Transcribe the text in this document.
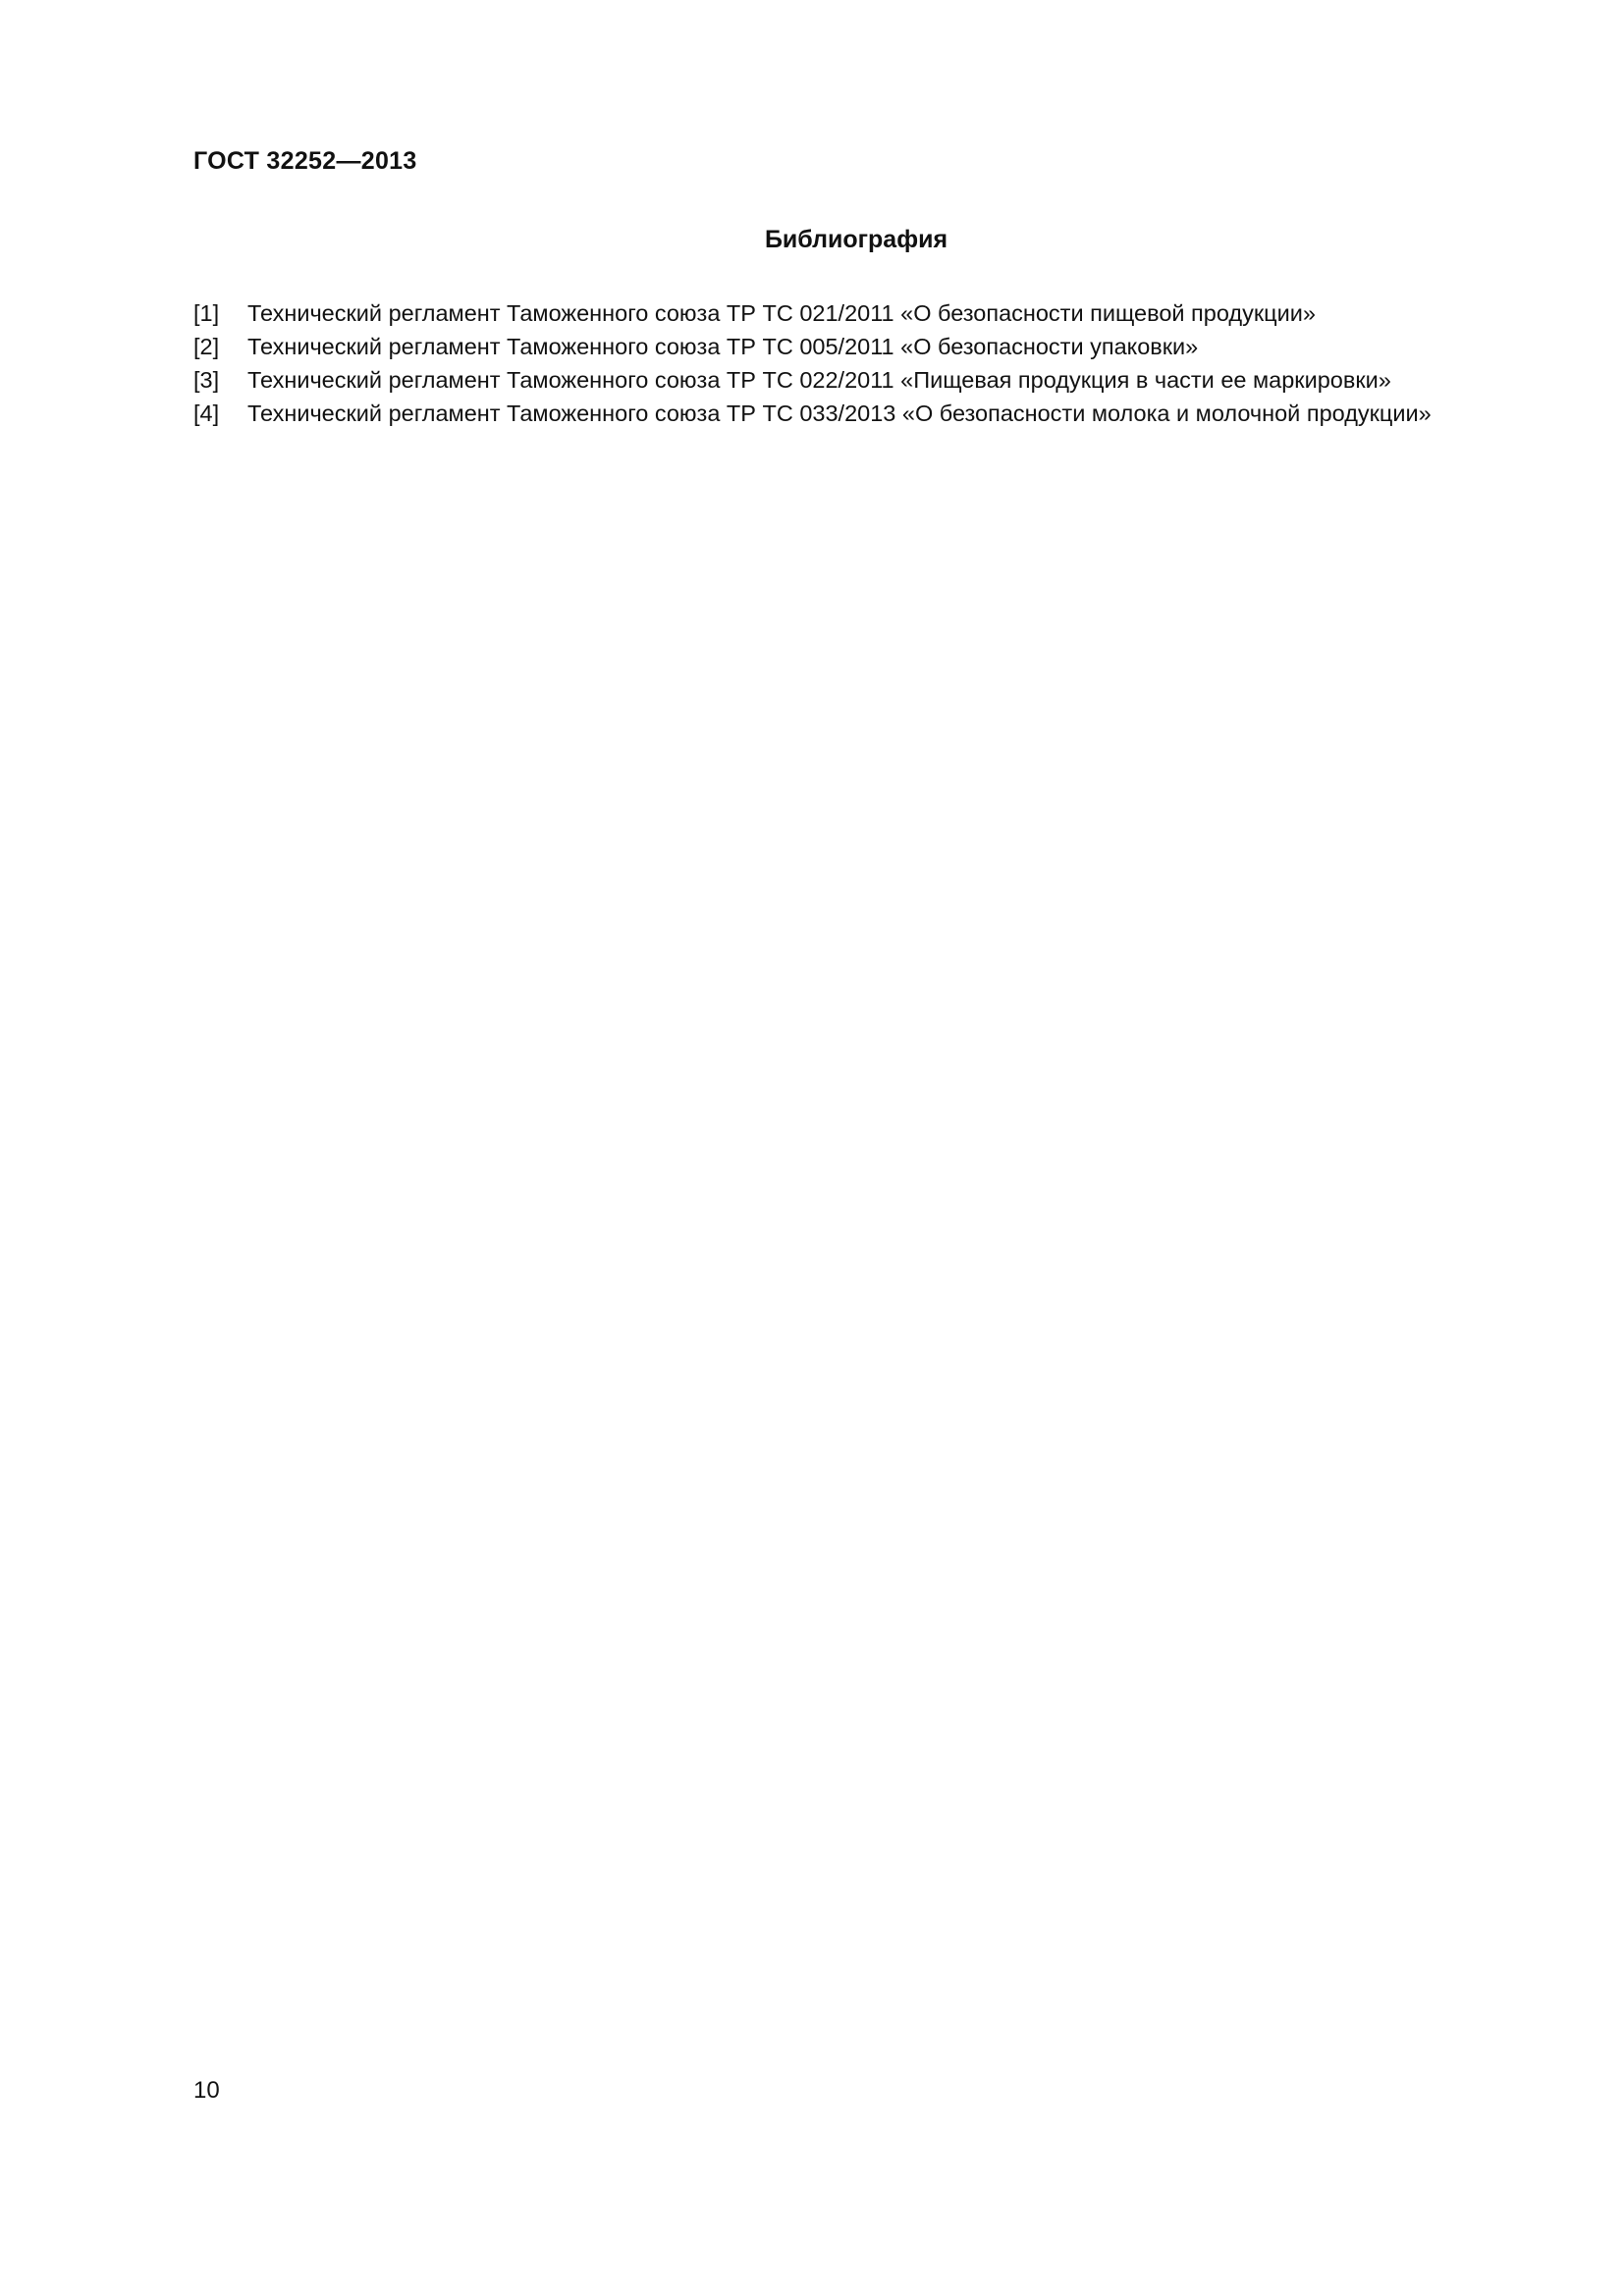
ГОСТ 32252—2013
Библиография
[1]	Технический регламент Таможенного союза ТР ТС 021/2011 «О безопасности пищевой продукции»
[2]	Технический регламент Таможенного союза ТР ТС 005/2011 «О безопасности упаковки»
[3]	Технический регламент Таможенного союза ТР ТС 022/2011 «Пищевая продукция в части ее маркировки»
[4]	Технический регламент Таможенного союза ТР ТС 033/2013 «О безопасности молока и молочной продукции»
10
